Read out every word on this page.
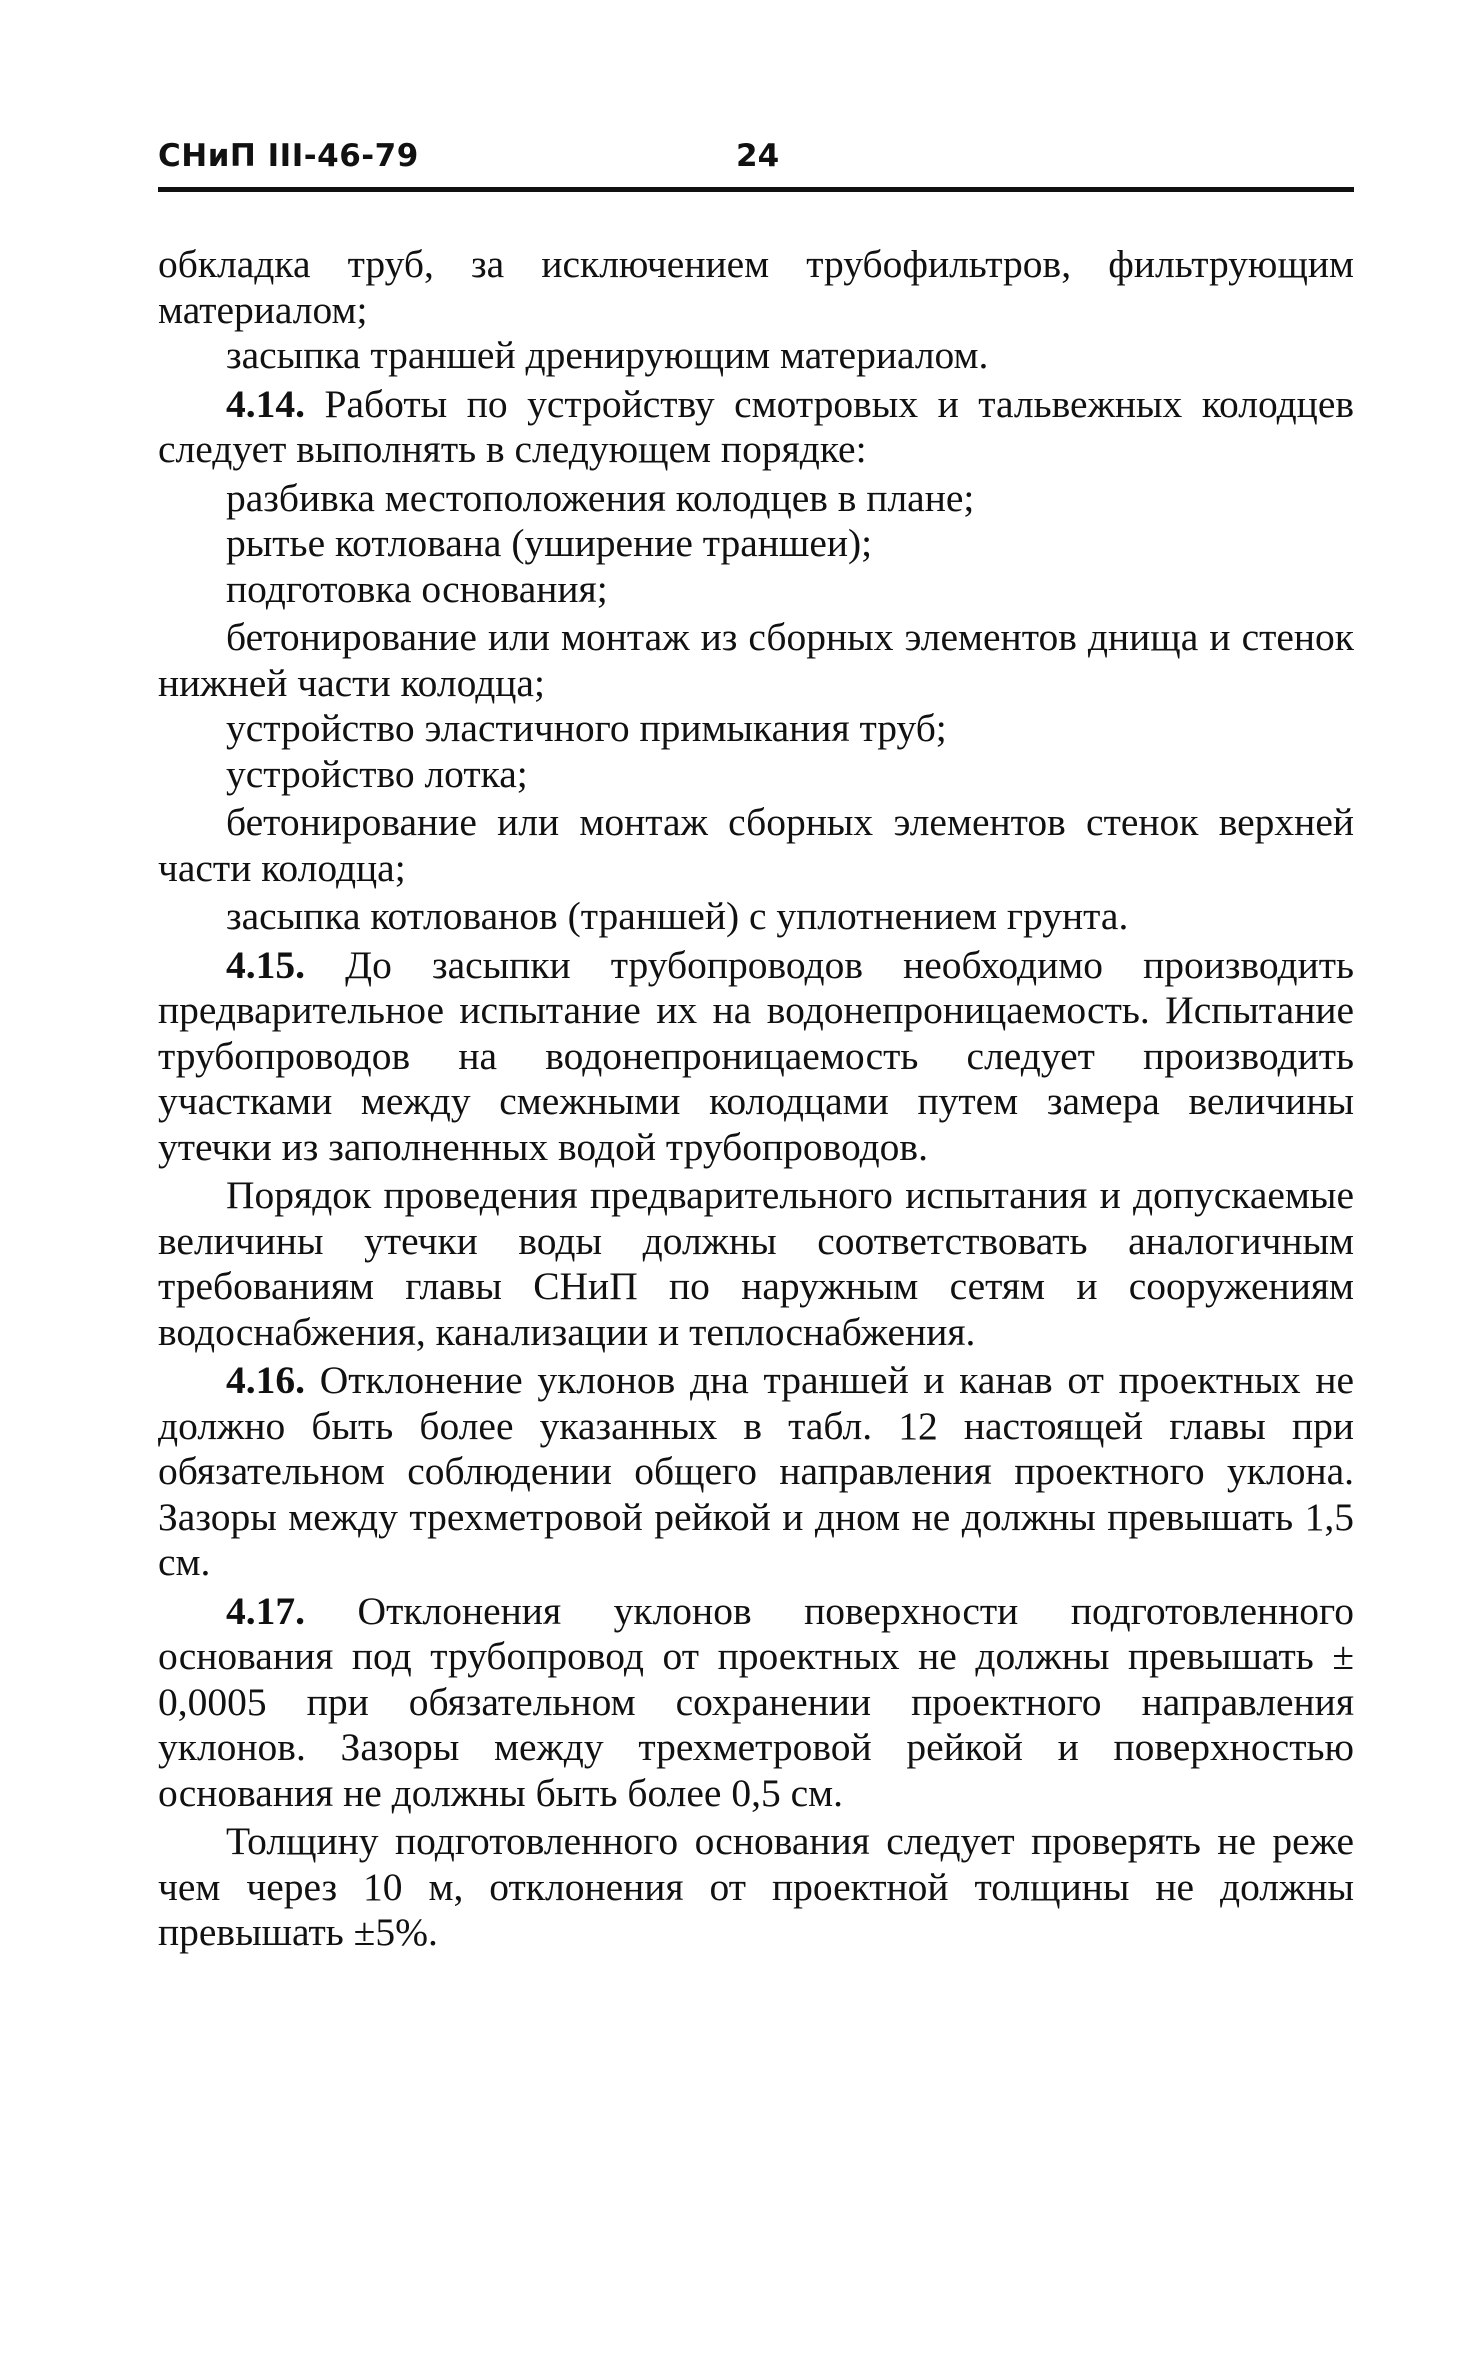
СНиП III-46-79	24

обкладка труб, за исключением трубофильтров, фильтрующим материалом;

засыпка траншей дренирующим материалом.

4.14. Работы по устройству смотровых и тальвежных колодцев следует выполнять в следующем порядке:

разбивка местоположения колодцев в плане;

рытье котлована (уширение траншеи);

подготовка основания;

бетонирование или монтаж из сборных элементов днища и стенок нижней части колодца;

устройство эластичного примыкания труб;

устройство лотка;

бетонирование или монтаж сборных элементов стенок верхней части колодца;

засыпка котлованов (траншей) с уплотнением грунта.

4.15. До засыпки трубопроводов необходимо производить предварительное испытание их на водонепроницаемость. Испытание трубопроводов на водонепроницаемость следует производить участками между смежными колодцами путем замера величины утечки из заполненных водой трубопроводов.

Порядок проведения предварительного испытания и допускаемые величины утечки воды должны соответствовать аналогичным требованиям главы СНиП по наружным сетям и сооружениям водоснабжения, канализации и теплоснабжения.

4.16. Отклонение уклонов дна траншей и канав от проектных не должно быть более указанных в табл. 12 настоящей главы при обязательном соблюдении общего направления проектного уклона. Зазоры между трехметровой рейкой и дном не должны превышать 1,5 см.

4.17. Отклонения уклонов поверхности подготовленного основания под трубопровод от проектных не должны превышать ± 0,0005 при обязательном сохранении проектного направления уклонов. Зазоры между трехметровой рейкой и поверхностью основания не должны быть более 0,5 см.

Толщину подготовленного основания следует проверять не реже чем через 10 м, отклонения от проектной толщины не должны превышать ±5%.
